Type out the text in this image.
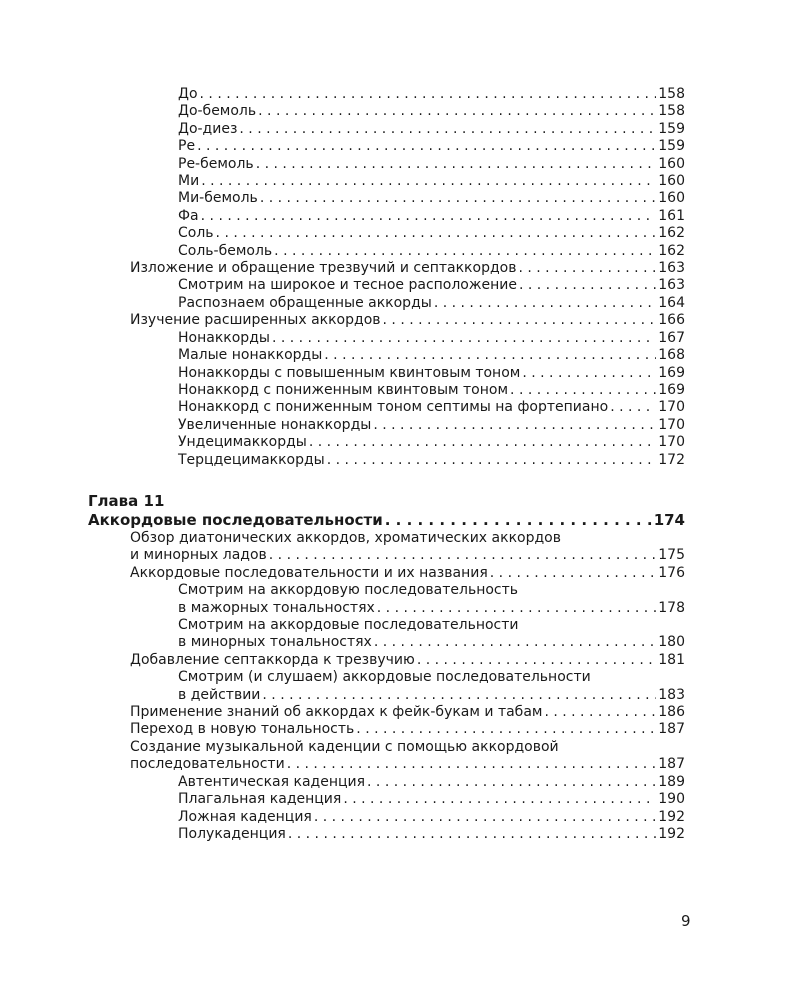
До . . .	158
До-бемоль . . .	158
До-диез . . .	159
Ре . . .	159
Ре-бемоль . . .	160
Ми . . .	160
Ми-бемоль . . .	160
Фа . . .	161
Соль . . .	162
Соль-бемоль . . .	162
Изложение и обращение трезвучий и септаккордов . . .	163
Смотрим на широкое и тесное расположение . . .	163
Распознаем обращенные аккорды . . .	164
Изучение расширенных аккордов . . .	166
Нонаккорды . . .	167
Малые нонаккорды . . .	168
Нонаккорды с повышенным квинтовым тоном . . .	169
Нонаккорд с пониженным квинтовым тоном . . .	169
Нонаккорд с пониженным тоном септимы на фортепиано . . .	170
Увеличенные нонаккорды . . .	170
Ундецимаккорды . . .	170
Терцдецимаккорды . . .	172
Глава 11
Аккордовые последовательности . . .	174
Обзор диатонических аккордов, хроматических аккордов
и минорных ладов . . .	175
Аккордовые последовательности и их названия . . .	176
Смотрим на аккордовую последовательность
в мажорных тональностях . . .	178
Смотрим на аккордовые последовательности
в минорных тональностях . . .	180
Добавление септаккорда к трезвучию . . .	181
Смотрим (и слушаем) аккордовые последовательности
в действии . . .	183
Применение знаний об аккордах к фейк-букам и табам . . .	186
Переход в новую тональность . . .	187
Создание музыкальной каденции с помощью аккордовой
последовательности . . .	187
Автентическая каденция . . .	189
Плагальная каденция . . .	190
Ложная каденция . . .	192
Полукаденция . . .	192
9
